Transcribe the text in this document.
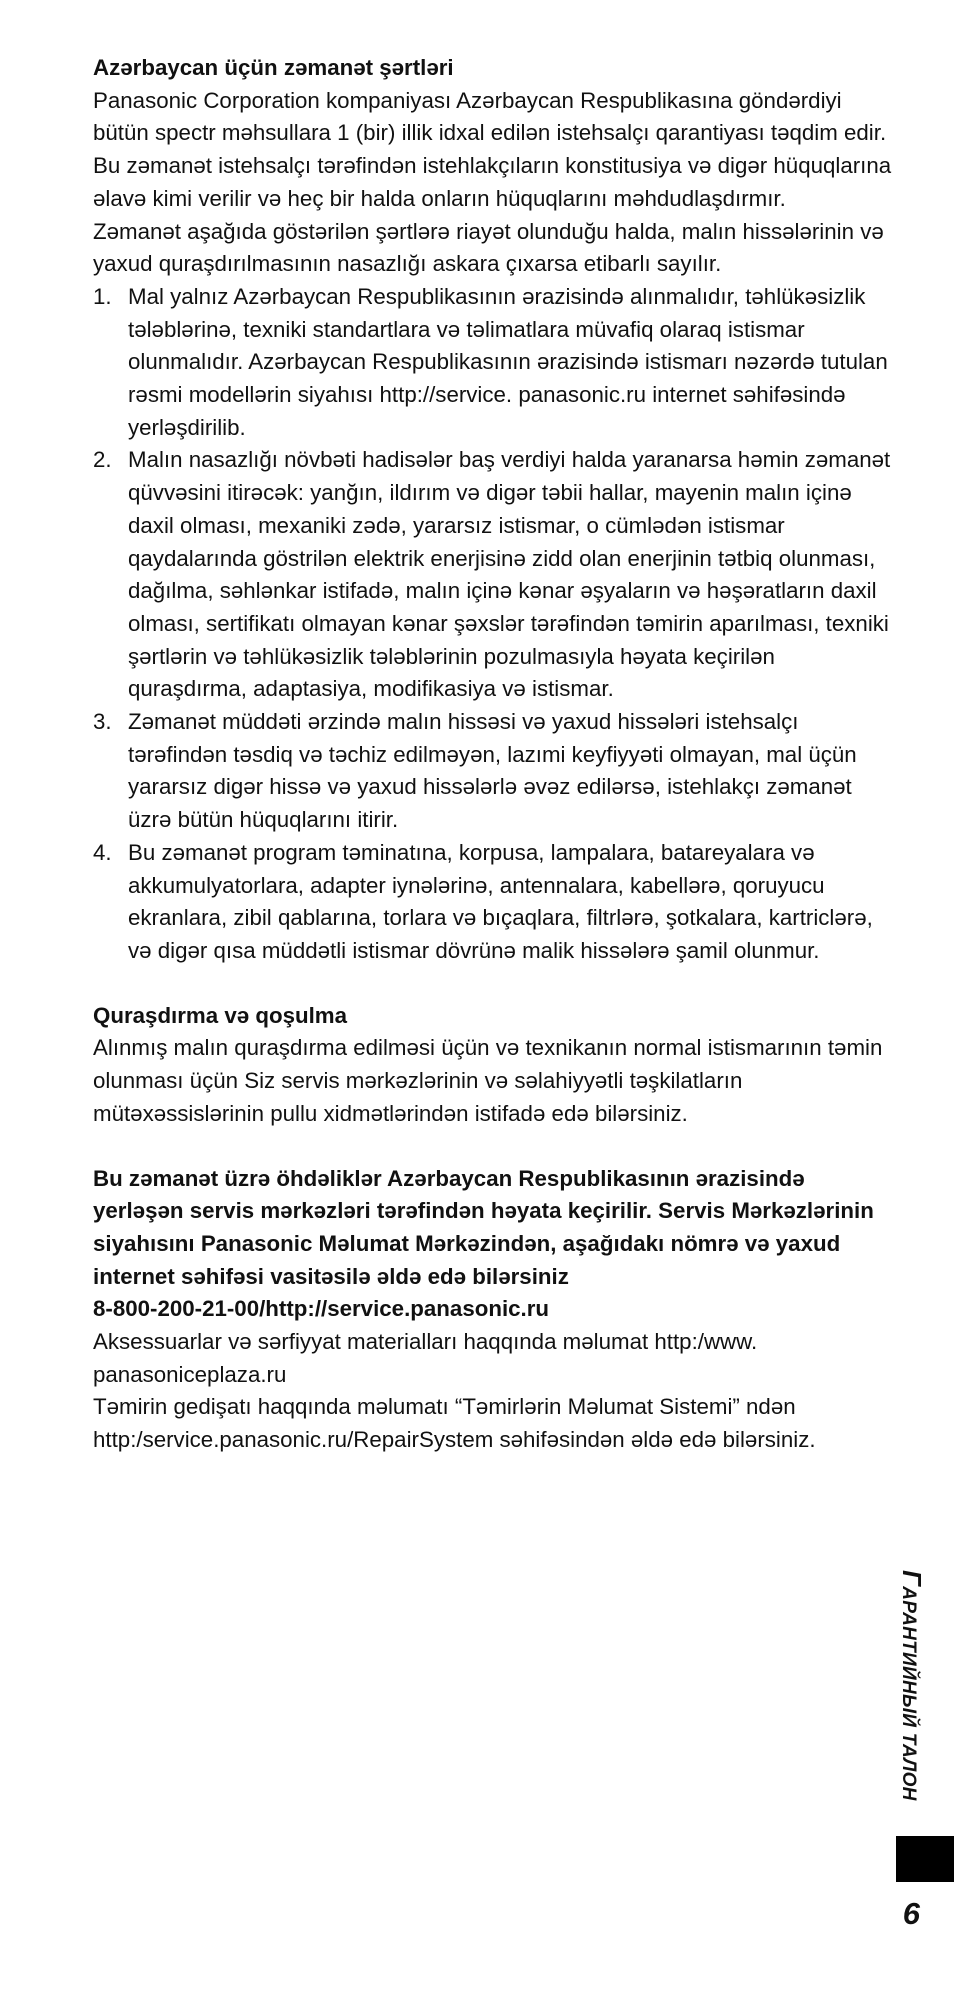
Azərbaycan üçün zəmanət şərtləri

Panasonic Corporation kompaniyası Azərbaycan Respublikasına göndərdiyi bütün spectr məhsullara 1 (bir) illik idxal edilən istehsalçı qarantiyası təqdim edir.

Bu zəmanət istehsalçı tərəfindən istehlakçıların konstitusiya və digər hüquqlarına əlavə kimi verilir və heç bir halda onların hüquqlarını məhdudlaşdırmır.

Zəmanət aşağıda göstərilən şərtlərə riayət olunduğu halda, malın hissələrinin və yaxud quraşdırılmasının nasazlığı askara çıxarsa etibarlı sayılır.

1. Mal yalnız Azərbaycan Respublikasının ərazisində alınmalıdır, təhlükəsizlik tələblərinə, texniki standartlara və təlimatlara müvafiq olaraq istismar olunmalıdır. Azərbaycan Respublikasının ərazisində istismarı nəzərdə tutulan rəsmi modellərin siyahısı http://service. panasonic.ru internet səhifəsində yerləşdirilib.
2. Malın nasazlığı növbəti hadisələr baş verdiyi halda yaranarsa həmin zəmanət qüvvəsini itirəcək: yanğın, ildırım və digər təbii hallar, mayenin malın içinə daxil olması, mexaniki zədə, yararsız istismar, o cümlədən istismar qaydalarında göstrilən elektrik enerjisinə zidd olan enerjinin tətbiq olunması, dağılma, səhlənkar istifadə, malın içinə kənar əşyaların və həşəratların daxil olması, sertifikatı olmayan kənar şəxslər tərəfindən təmirin aparılması, texniki şərtlərin və təhlükəsizlik tələblərinin pozulmasıyla həyata keçirilən quraşdırma, adaptasiya, modifikasiya və istismar.
3. Zəmanət müddəti ərzində malın hissəsi və yaxud hissələri istehsalçı tərəfindən təsdiq və təchiz edilməyən, lazımi keyfiyyəti olmayan, mal üçün yararsız digər hissə və yaxud hissələrlə əvəz edilərsə, istehlakçı zəmanət üzrə bütün hüquqlarını itirir.
4. Bu zəmanət program təminatına, korpusa, lampalara, batareyalara və akkumulyatorlara, adapter iynələrinə, antennalara, kabellərə, qoruyucu ekranlara, zibil qablarına, torlara və bıçaqlara, filtrlərə, şotkalara, kartriclərə, və digər qısa müddətli istismar dövrünə malik hissələrə şamil olunmur.

Quraşdırma və qoşulma

Alınmış malın quraşdırma edilməsi üçün və texnikanın normal istismarının təmin olunması üçün Siz servis mərkəzlərinin və səlahiyyətli təşkilatların mütəxəssislərinin pullu xidmətlərindən istifadə edə bilərsiniz.

Bu zəmanət üzrə öhdəliklər Azərbaycan Respublikasının ərazisində yerləşən servis mərkəzləri tərəfindən həyata keçirilir. Servis Mərkəzlərinin siyahısını Panasonic Məlumat Mərkəzindən, aşağıdakı nömrə və yaxud internet səhifəsi vasitəsilə əldə edə bilərsiniz
8-800-200-21-00/http://service.panasonic.ru

Aksessuarlar və sərfiyyat materialları haqqında məlumat http:/www. panasoniceplaza.ru

Təmirin gedişatı haqqında məlumatı “Təmirlərin Məlumat Sistemi” ndən http:/service.panasonic.ru/RepairSystem səhifəsindən əldə edə bilərsiniz.

ГАРАНТИЙНЫЙ ТАЛОН
6
